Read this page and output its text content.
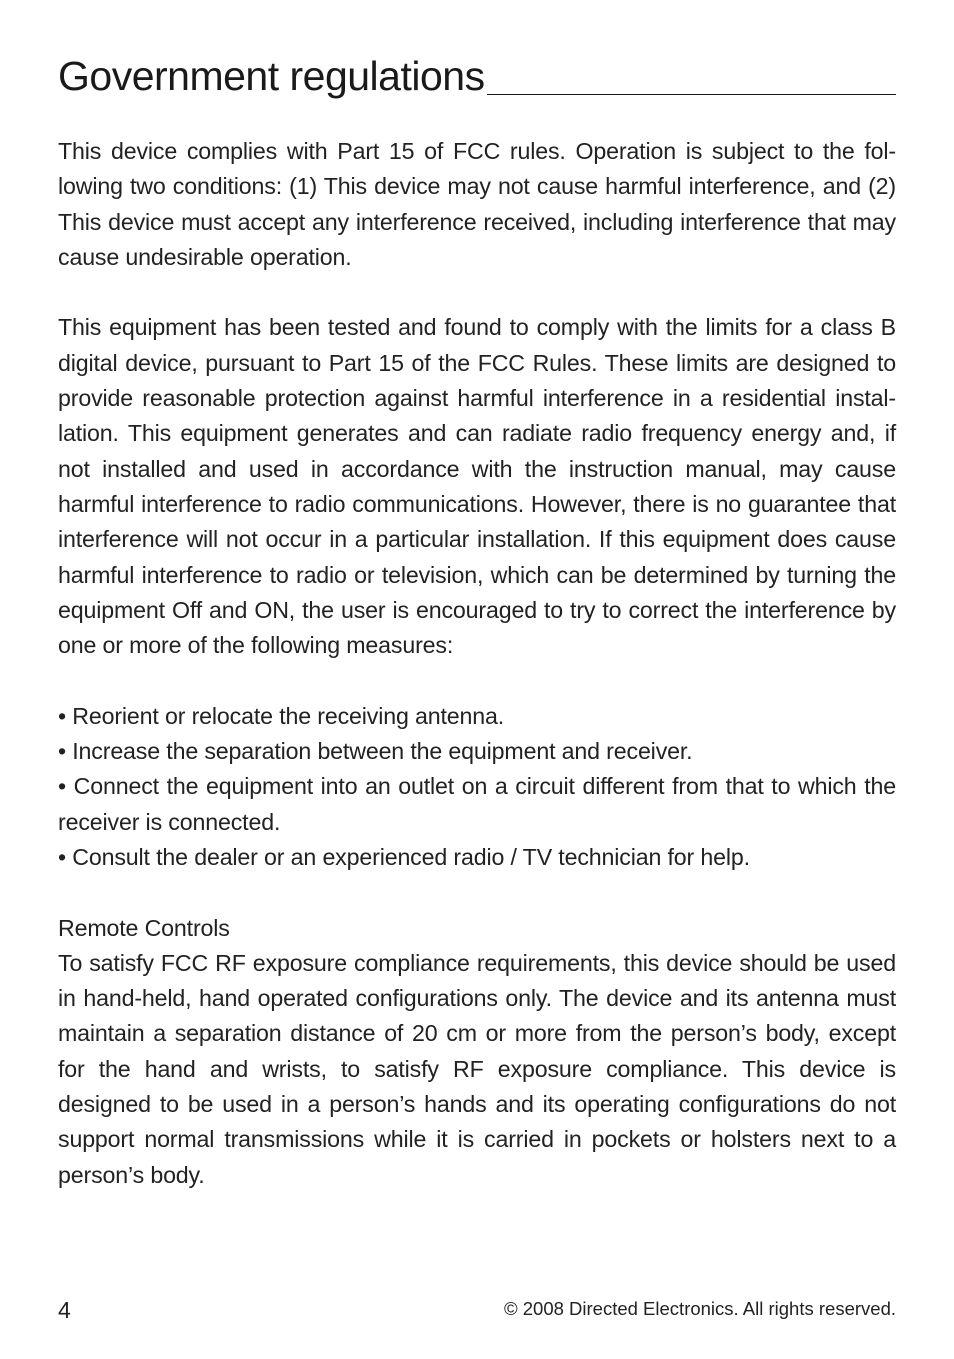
Government regulations

This device complies with Part 15 of FCC rules. Operation is subject to the fol-lowing two conditions: (1) This device may not cause harmful interference, and (2) This device must accept any interference received, including interference that may cause undesirable operation.

This equipment has been tested and found to comply with the limits for a class B digital device, pursuant to Part 15 of the FCC Rules. These limits are designed to provide reasonable protection against harmful interference in a residential instal-lation. This equipment generates and can radiate radio frequency energy and, if not installed and used in accordance with the instruction manual, may cause harmful interference to radio communications. However, there is no guarantee that interference will not occur in a particular installation. If this equipment does cause harmful interference to radio or television, which can be determined by turning the equipment Off and ON, the user is encouraged to try to correct the interference by one or more of the following measures:

• Reorient or relocate the receiving antenna.

• Increase the separation between the equipment and receiver.

• Connect the equipment into an outlet on a circuit different from that to which the receiver is connected.

• Consult the dealer or an experienced radio / TV technician for help.

Remote Controls

To satisfy FCC RF exposure compliance requirements, this device should be used in hand-held, hand operated configurations only. The device and its antenna must maintain a separation distance of 20 cm or more from the person’s body, except for the hand and wrists, to satisfy RF exposure compliance. This device is designed to be used in a person’s hands and its operating configurations do not support normal transmissions while it is carried in pockets or holsters next to a person’s body.

4	© 2008 Directed Electronics. All rights reserved.
